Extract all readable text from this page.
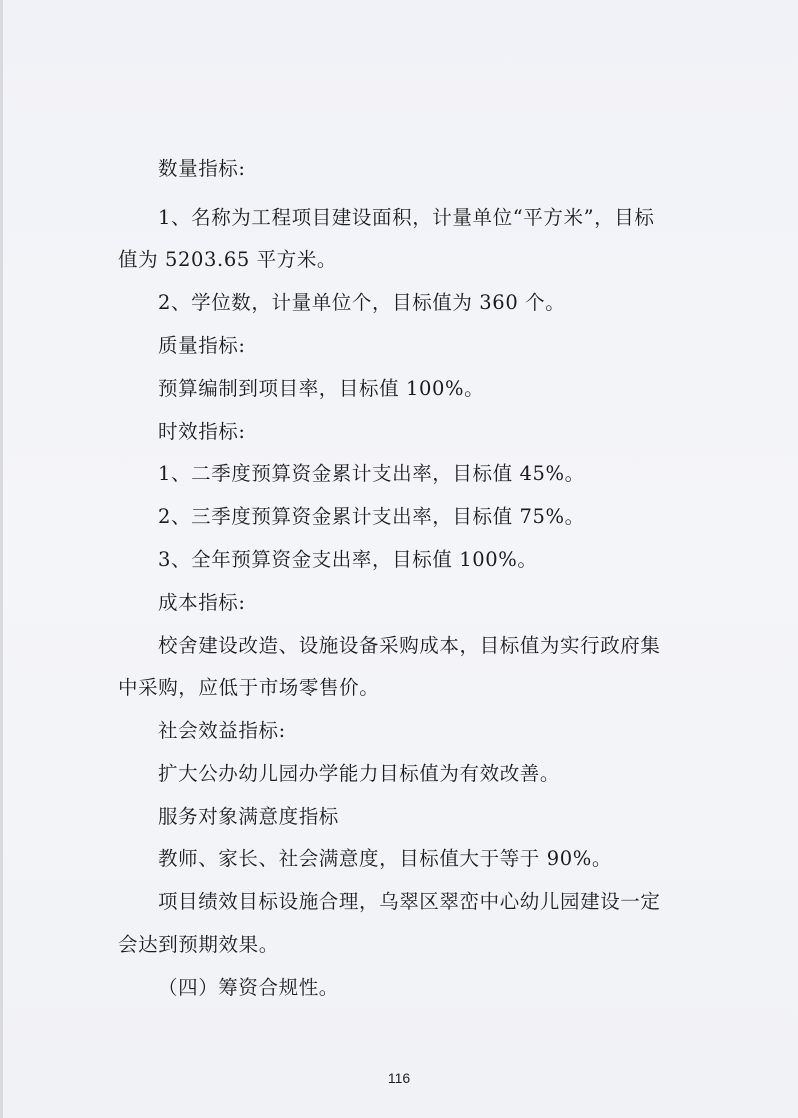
数量指标:
1、名称为工程项目建设面积，计量单位“平方米”，目标
值为 5203.65 平方米。
2、学位数，计量单位个，目标值为 360 个。
质量指标:
预算编制到项目率，目标值 100%。
时效指标:
1、二季度预算资金累计支出率，目标值 45%。
2、三季度预算资金累计支出率，目标值 75%。
3、全年预算资金支出率，目标值 100%。
成本指标:
校舍建设改造、设施设备采购成本，目标值为实行政府集
中采购，应低于市场零售价。
社会效益指标:
扩大公办幼儿园办学能力目标值为有效改善。
服务对象满意度指标
教师、家长、社会满意度，目标值大于等于 90%。
项目绩效目标设施合理，乌翠区翠峦中心幼儿园建设一定
会达到预期效果。
（四）筹资合规性。
116
